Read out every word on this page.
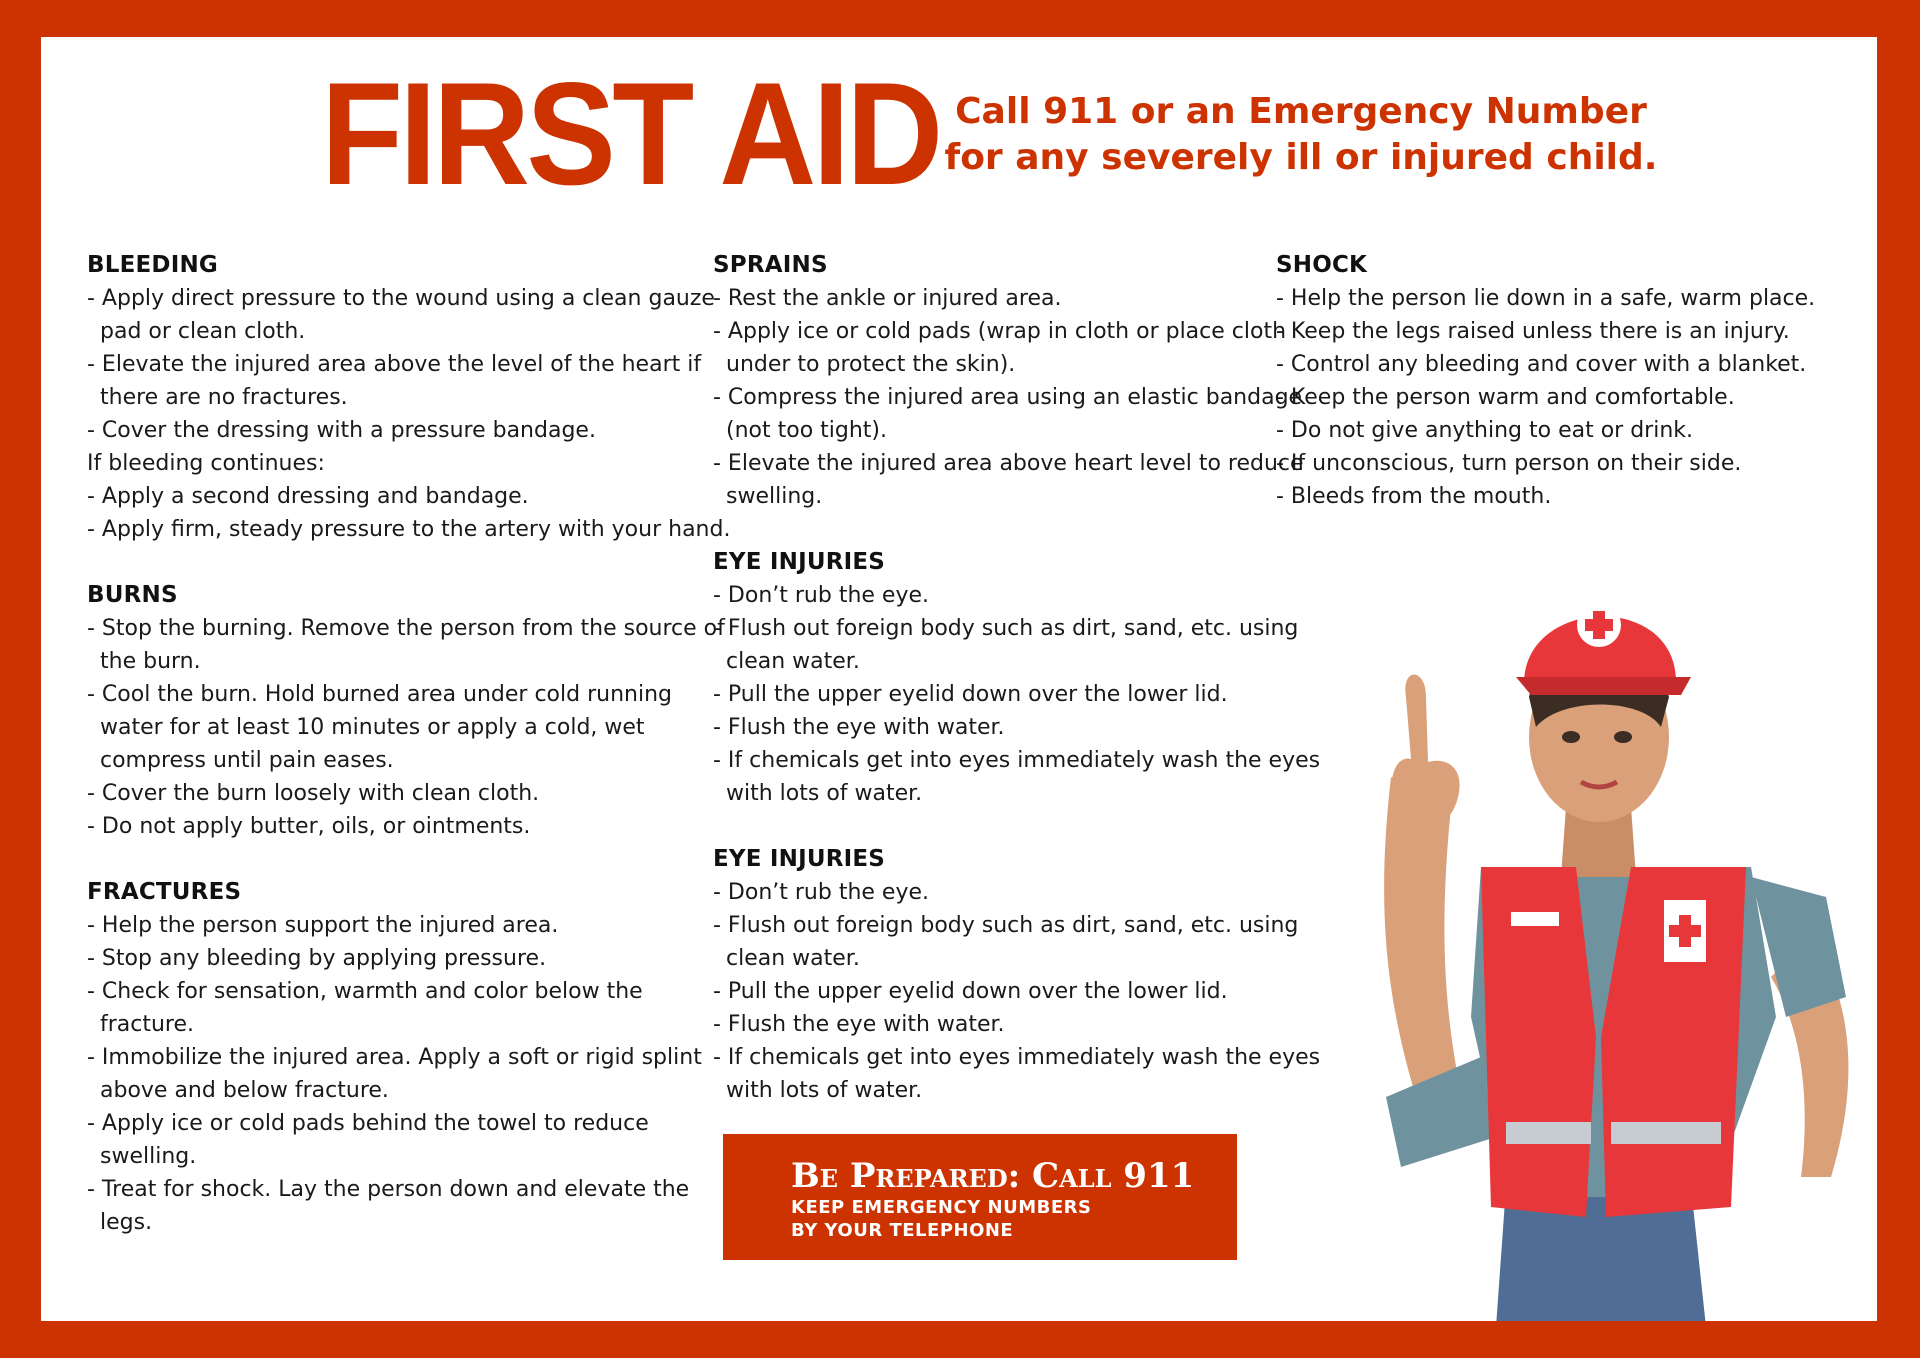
FIRST AID Call 911 or an Emergency Number
for any severely ill or injured child.
BLEEDING
- Apply direct pressure to the wound using a clean gauze pad or clean cloth.
- Elevate the injured area above the level of the heart if there are no fractures.
- Cover the dressing with a pressure bandage.
If bleeding continues:
- Apply a second dressing and bandage.
- Apply firm, steady pressure to the artery with your hand.
BURNS
- Stop the burning. Remove the person from the source of the burn.
- Cool the burn. Hold burned area under cold running water for at least 10 minutes or apply a cold, wet compress until pain eases.
- Cover the burn loosely with clean cloth.
- Do not apply butter, oils, or ointments.
FRACTURES
- Help the person support the injured area.
- Stop any bleeding by applying pressure.
- Check for sensation, warmth and color below the fracture.
- Immobilize the injured area. Apply a soft or rigid splint above and below fracture.
- Apply ice or cold pads behind the towel to reduce swelling.
- Treat for shock. Lay the person down and elevate the legs.
SPRAINS
- Rest the ankle or injured area.
- Apply ice or cold pads (wrap in cloth or place cloth under to protect the skin).
- Compress the injured area using an elastic bandage (not too tight).
- Elevate the injured area above heart level to reduce swelling.
EYE INJURIES
- Don’t rub the eye.
- Flush out foreign body such as dirt, sand, etc. using clean water.
- Pull the upper eyelid down over the lower lid.
- Flush the eye with water.
- If chemicals get into eyes immediately wash the eyes with lots of water.
EYE INJURIES
- Don’t rub the eye.
- Flush out foreign body such as dirt, sand, etc. using clean water.
- Pull the upper eyelid down over the lower lid.
- Flush the eye with water.
- If chemicals get into eyes immediately wash the eyes with lots of water.
SHOCK
- Help the person lie down in a safe, warm place.
- Keep the legs raised unless there is an injury.
- Control any bleeding and cover with a blanket.
- Keep the person warm and comfortable.
- Do not give anything to eat or drink.
- If unconscious, turn person on their side.
- Bleeds from the mouth.
Be Prepared: Call 911
KEEP EMERGENCY NUMBERS
BY YOUR TELEPHONE
